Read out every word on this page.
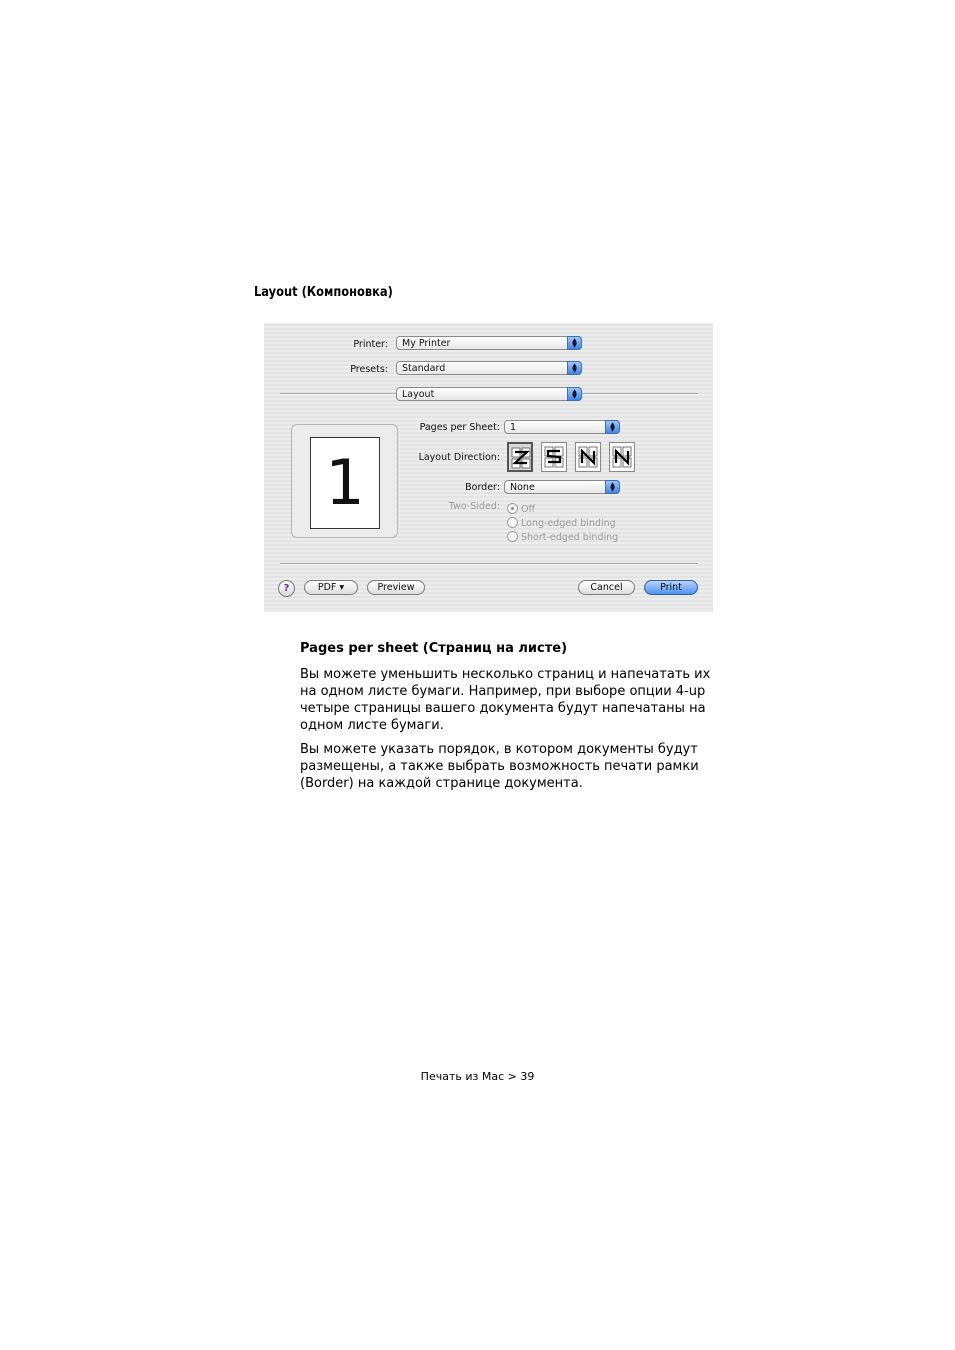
Layout (Компоновка)
Printer: My Printer	▲
▼
Presets: Standard	▲
▼
Layout	▲
▼
1
Pages per Sheet: 1	▲
▼
Layout Direction:
Border: None	▲
▼
Two-Sided:	Off
Long-edged binding
Short-edged binding
?	PDF ▾	Preview	Cancel	Print
Pages per sheet (Страниц на листе)
Вы можете уменьшить несколько страниц и напечатать их на одном листе бумаги. Например, при выборе опции 4-up четыре страницы вашего документа будут напечатаны на одном листе бумаги.
Вы можете указать порядок, в котором документы будут размещены, а также выбрать возможность печати рамки (Border) на каждой странице документа.
Печать из Mac > 39
